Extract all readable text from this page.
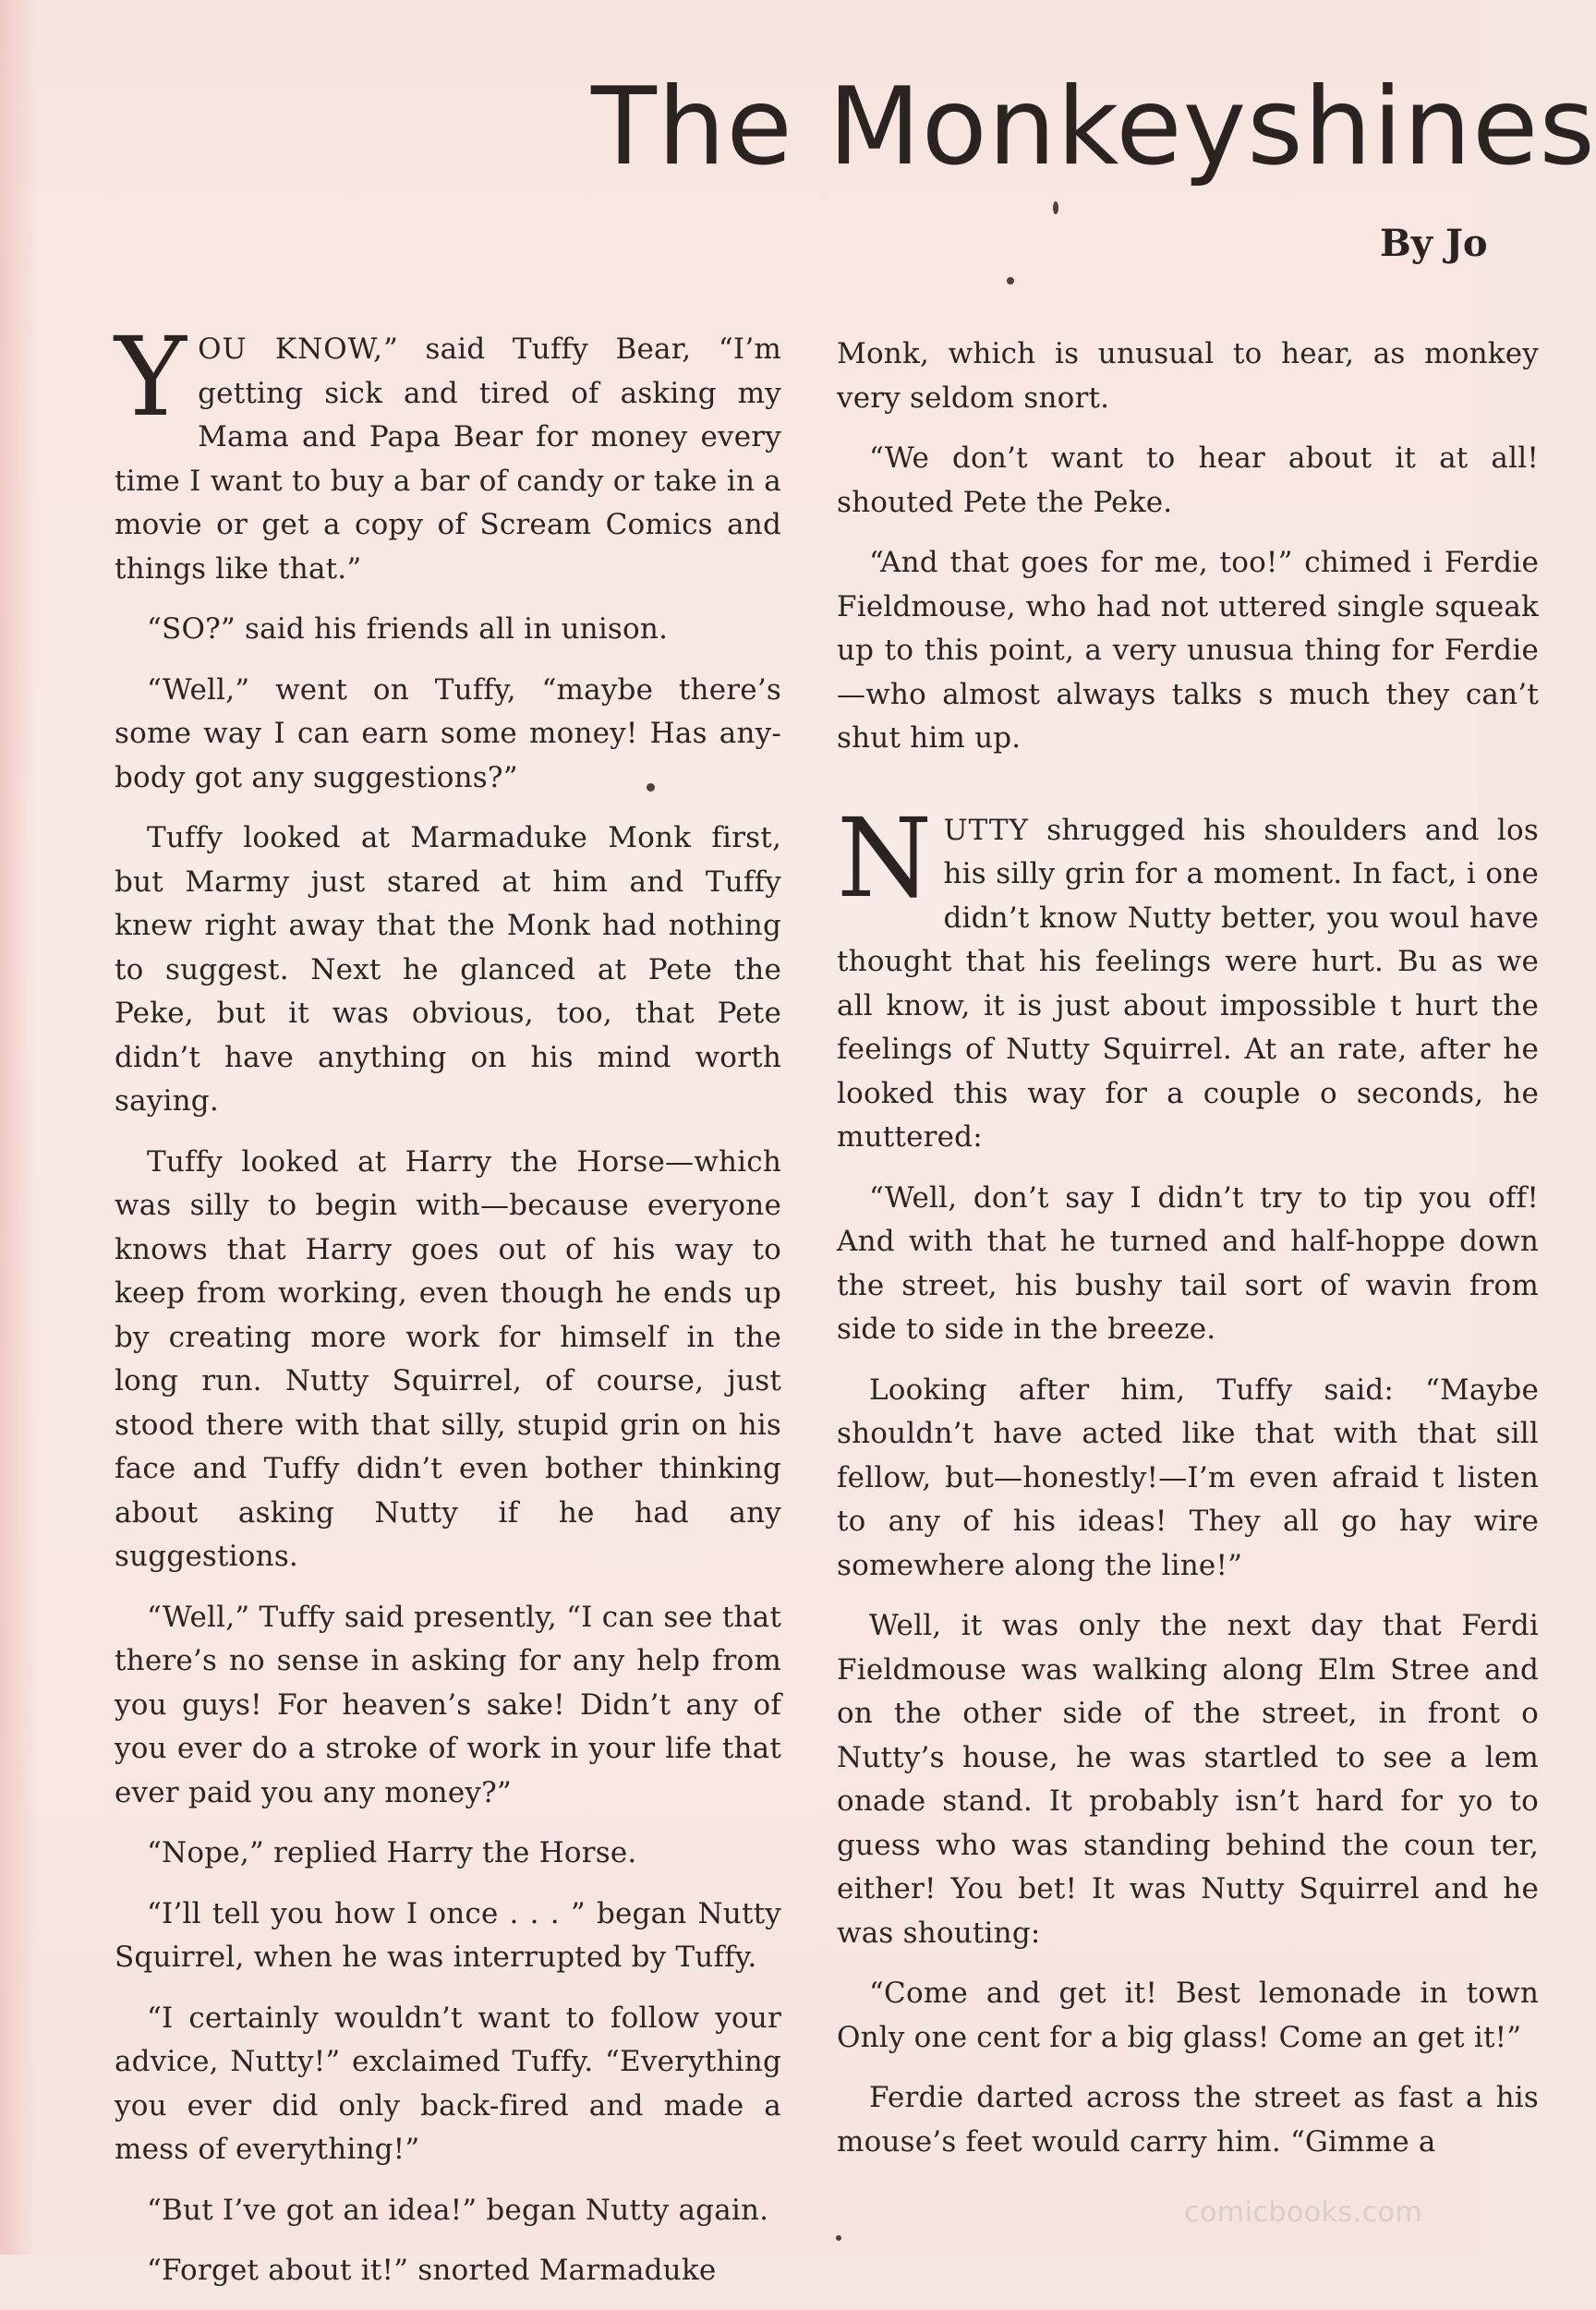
The Monkeyshines
By Jo

YOU KNOW,” said Tuffy Bear, “I’m getting sick and tired of asking my Mama and Papa Bear for money every time I want to buy a bar of candy or take in a movie or get a copy of Scream Comics and things like that.”

“SO?” said his friends all in unison.

“Well,” went on Tuffy, “maybe there’s some way I can earn some money! Has any-body got any suggestions?”

Tuffy looked at Marmaduke Monk first, but Marmy just stared at him and Tuffy knew right away that the Monk had nothing to suggest. Next he glanced at Pete the Peke, but it was obvious, too, that Pete didn’t have anything on his mind worth saying.

Tuffy looked at Harry the Horse—which was silly to begin with—because everyone knows that Harry goes out of his way to keep from working, even though he ends up by creating more work for himself in the long run. Nutty Squirrel, of course, just stood there with that silly, stupid grin on his face and Tuffy didn’t even bother thinking about asking Nutty if he had any suggestions.

“Well,” Tuffy said presently, “I can see that there’s no sense in asking for any help from you guys! For heaven’s sake! Didn’t any of you ever do a stroke of work in your life that ever paid you any money?”

“Nope,” replied Harry the Horse.

“I’ll tell you how I once . . . ” began Nutty Squirrel, when he was interrupted by Tuffy.

“I certainly wouldn’t want to follow your advice, Nutty!” exclaimed Tuffy. “Everything you ever did only back-fired and made a mess of everything!”

“But I’ve got an idea!” began Nutty again.

“Forget about it!” snorted Marmaduke

Monk, which is unusual to hear, as monkey very seldom snort.

“We don’t want to hear about it at all! shouted Pete the Peke.

“And that goes for me, too!” chimed i Ferdie Fieldmouse, who had not uttered single squeak up to this point, a very unusua thing for Ferdie—who almost always talks s much they can’t shut him up.

NUTTY shrugged his shoulders and los his silly grin for a moment. In fact, i one didn’t know Nutty better, you woul have thought that his feelings were hurt. Bu as we all know, it is just about impossible t hurt the feelings of Nutty Squirrel. At an rate, after he looked this way for a couple o seconds, he muttered:

“Well, don’t say I didn’t try to tip you off! And with that he turned and half-hoppe down the street, his bushy tail sort of wavin from side to side in the breeze.

Looking after him, Tuffy said: “Maybe shouldn’t have acted like that with that sill fellow, but—honestly!—I’m even afraid t listen to any of his ideas! They all go hay wire somewhere along the line!”

Well, it was only the next day that Ferdi Fieldmouse was walking along Elm Stree and on the other side of the street, in front o Nutty’s house, he was startled to see a lem onade stand. It probably isn’t hard for yo to guess who was standing behind the coun ter, either! You bet! It was Nutty Squirrel and he was shouting:

“Come and get it! Best lemonade in town Only one cent for a big glass! Come an get it!”

Ferdie darted across the street as fast a his mouse’s feet would carry him. “Gimme a

comicbooks.com
